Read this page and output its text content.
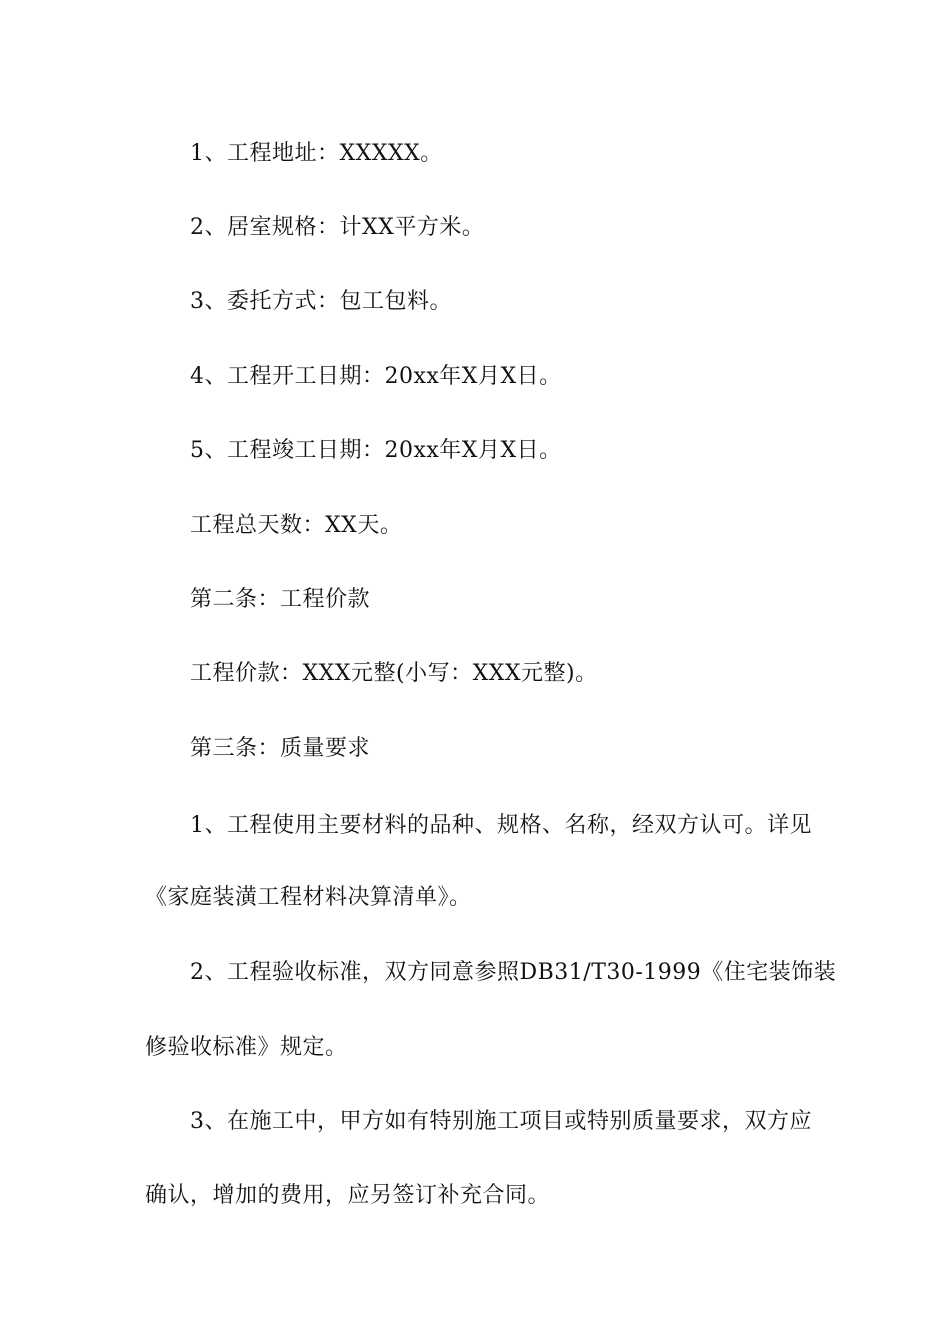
1、工程地址：XXXXX。
2、居室规格：计XX平方米。
3、委托方式：包工包料。
4、工程开工日期：20xx年X月X日。
5、工程竣工日期：20xx年X月X日。
工程总天数：XX天。
第二条：工程价款
工程价款：XXX元整(小写：XXX元整)。
第三条：质量要求
1、工程使用主要材料的品种、规格、名称，经双方认可。详见
《家庭装潢工程材料决算清单》。
2、工程验收标准，双方同意参照DB31/T30-1999《住宅装饰装
修验收标准》规定。
3、在施工中，甲方如有特别施工项目或特别质量要求，双方应
确认，增加的费用，应另签订补充合同。
